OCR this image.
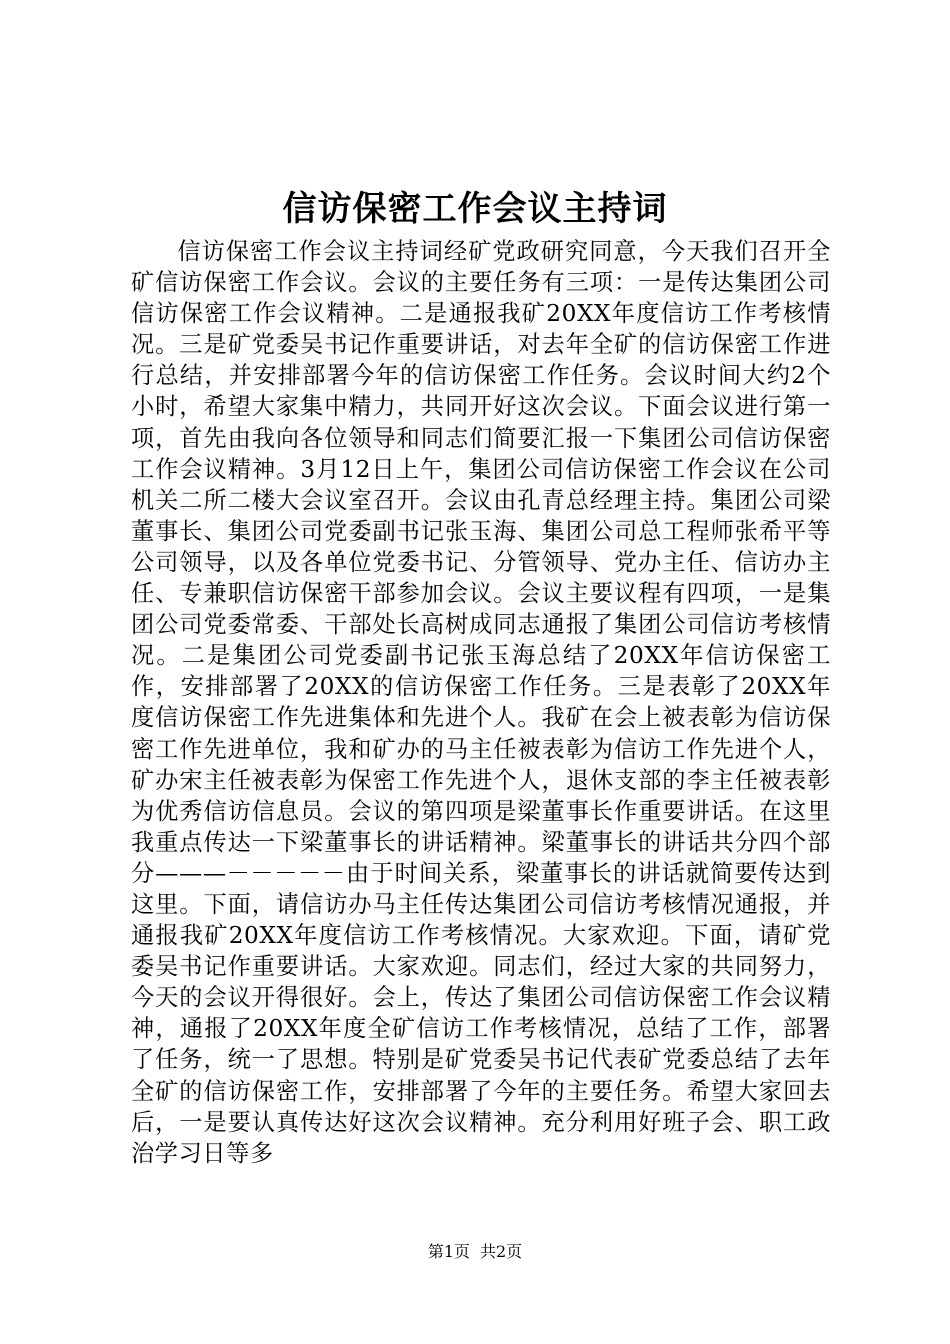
信访保密工作会议主持词

信访保密工作会议主持词经矿党政研究同意，今天我们召开全矿信访保密工作会议。会议的主要任务有三项：一是传达集团公司信访保密工作会议精神。二是通报我矿20XX年度信访工作考核情况。三是矿党委吴书记作重要讲话，对去年全矿的信访保密工作进行总结，并安排部署今年的信访保密工作任务。会议时间大约2个小时，希望大家集中精力，共同开好这次会议。下面会议进行第一项，首先由我向各位领导和同志们简要汇报一下集团公司信访保密工作会议精神。3月12日上午，集团公司信访保密工作会议在公司机关二所二楼大会议室召开。会议由孔青总经理主持。集团公司梁董事长、集团公司党委副书记张玉海、集团公司总工程师张希平等公司领导，以及各单位党委书记、分管领导、党办主任、信访办主任、专兼职信访保密干部参加会议。会议主要议程有四项，一是集团公司党委常委、干部处长高树成同志通报了集团公司信访考核情况。二是集团公司党委副书记张玉海总结了20XX年信访保密工作，安排部署了20XX的信访保密工作任务。三是表彰了20XX年度信访保密工作先进集体和先进个人。我矿在会上被表彰为信访保密工作先进单位，我和矿办的马主任被表彰为信访工作先进个人，矿办宋主任被表彰为保密工作先进个人，退休支部的李主任被表彰为优秀信访信息员。会议的第四项是梁董事长作重要讲话。在这里我重点传达一下梁董事长的讲话精神。梁董事长的讲话共分四个部分———－－－－－由于时间关系，梁董事长的讲话就简要传达到这里。下面，请信访办马主任传达集团公司信访考核情况通报，并通报我矿20XX年度信访工作考核情况。大家欢迎。下面，请矿党委吴书记作重要讲话。大家欢迎。同志们，经过大家的共同努力，今天的会议开得很好。会上，传达了集团公司信访保密工作会议精神，通报了20XX年度全矿信访工作考核情况，总结了工作，部署了任务，统一了思想。特别是矿党委吴书记代表矿党委总结了去年全矿的信访保密工作，安排部署了今年的主要任务。希望大家回去后，一是要认真传达好这次会议精神。充分利用好班子会、职工政治学习日等多

第1页 共2页
